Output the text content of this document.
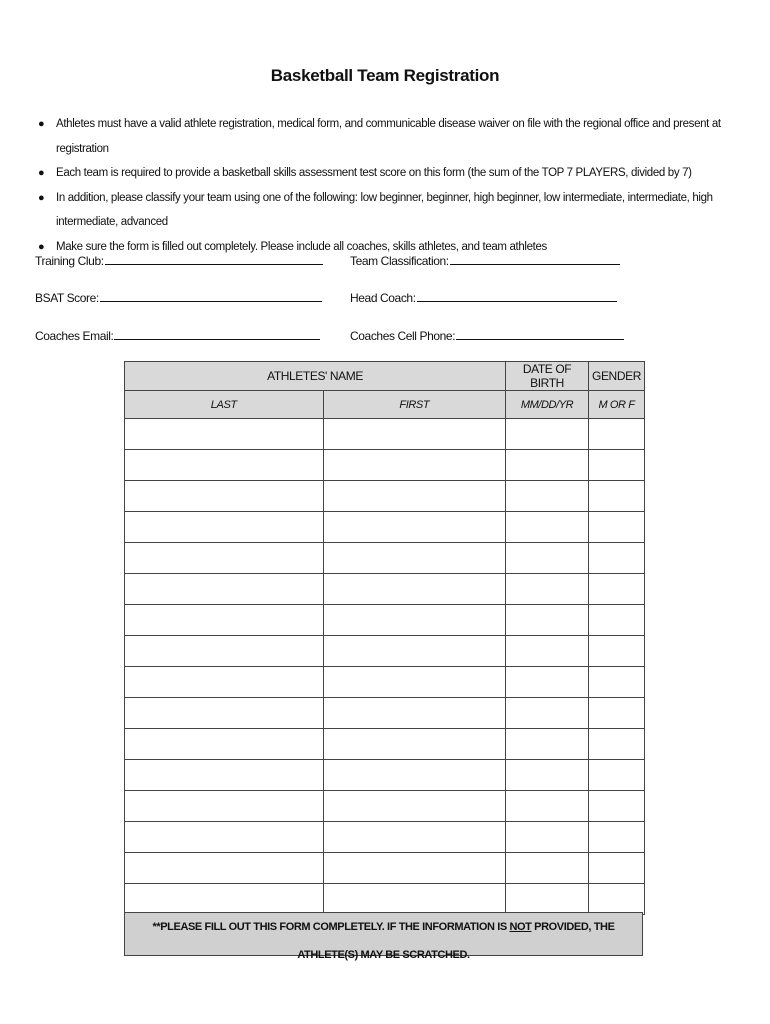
Basketball Team Registration
● Athletes must have a valid athlete registration, medical form, and communicable disease waiver on file with the regional office and present at registration
● Each team is required to provide a basketball skills assessment test score on this form (the sum of the TOP 7 PLAYERS, divided by 7)
● In addition, please classify your team using one of the following: low beginner, beginner, high beginner, low intermediate, intermediate, high intermediate, advanced
● Make sure the form is filled out completely. Please include all coaches, skills athletes, and team athletes
Training Club:	Team Classification:
BSAT Score:	Head Coach:
Coaches Email:	Coaches Cell Phone:
ATHLETES' NAME		DATE OF BIRTH	GENDER
LAST	FIRST	MM/DD/YR	M OR F

**PLEASE FILL OUT THIS FORM COMPLETELY. IF THE INFORMATION IS NOT PROVIDED, THE ATHLETE(S) MAY BE SCRATCHED.
